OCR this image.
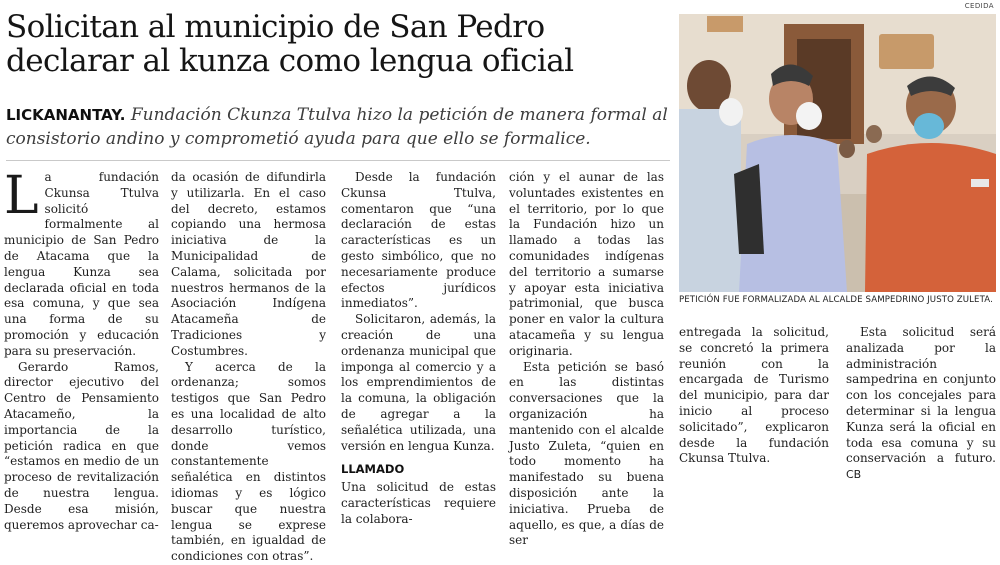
CEDIDA
Solicitan al municipio de San Pedro declarar al kunza como lengua oficial
LICKANANTAY. Fundación Ckunza Ttulva hizo la petición de manera formal al consistorio andino y comprometió ayuda para que ello se formalice.

La fundación Ckunsa Ttulva solicitó formalmente al municipio de San Pedro de Atacama que la lengua Kunza sea declarada oficial en toda esa comuna, y que sea una forma de su promoción y educación para su preservación.

Gerardo Ramos, director ejecutivo del Centro de Pensamiento Atacameño, la importancia de la petición radica en que “estamos en medio de un proceso de revitalización de nuestra lengua. Desde esa misión, queremos aprovechar ca-

da ocasión de difundirla y utilizarla. En el caso del decreto, estamos copiando una hermosa iniciativa de la Municipalidad de Calama, solicitada por nuestros hermanos de la Asociación Indígena Atacameña de Tradiciones y Costumbres.

Y acerca de la ordenanza; somos testigos que San Pedro es una localidad de alto desarrollo turístico, donde vemos constantemente señalética en distintos idiomas y es lógico buscar que nuestra lengua se exprese también, en igualdad de condiciones con otras”.

Desde la fundación Ckunsa Ttulva, comentaron que “una declaración de estas características es un gesto simbólico, que no necesariamente produce efectos jurídicos inmediatos”.

Solicitaron, además, la creación de una ordenanza municipal que imponga al comercio y a los emprendimientos de la comuna, la obligación de agregar a la señalética utilizada, una versión en lengua Kunza.

LLAMADO

Una solicitud de estas características requiere la colabora-

ción y el aunar de las voluntades existentes en el territorio, por lo que la Fundación hizo un llamado a todas las comunidades indígenas del territorio a sumarse y apoyar esta iniciativa patrimonial, que busca poner en valor la cultura atacameña y su lengua originaria.

Esta petición se basó en las distintas conversaciones que la organización ha mantenido con el alcalde Justo Zuleta, “quien en todo momento ha manifestado su buena disposición ante la iniciativa. Prueba de aquello, es que, a días de ser

PETICIÓN FUE FORMALIZADA AL ALCALDE SAMPEDRINO JUSTO ZULETA.

entregada la solicitud, se concretó la primera reunión con la encargada de Turismo del municipio, para dar inicio al proceso solicitado”, explicaron desde la fundación Ckunsa Ttulva.

Esta solicitud será analizada por la administración sampedrina en conjunto con los concejales para determinar si la lengua Kunza será la oficial en toda esa comuna y su conservación a futuro. CB
